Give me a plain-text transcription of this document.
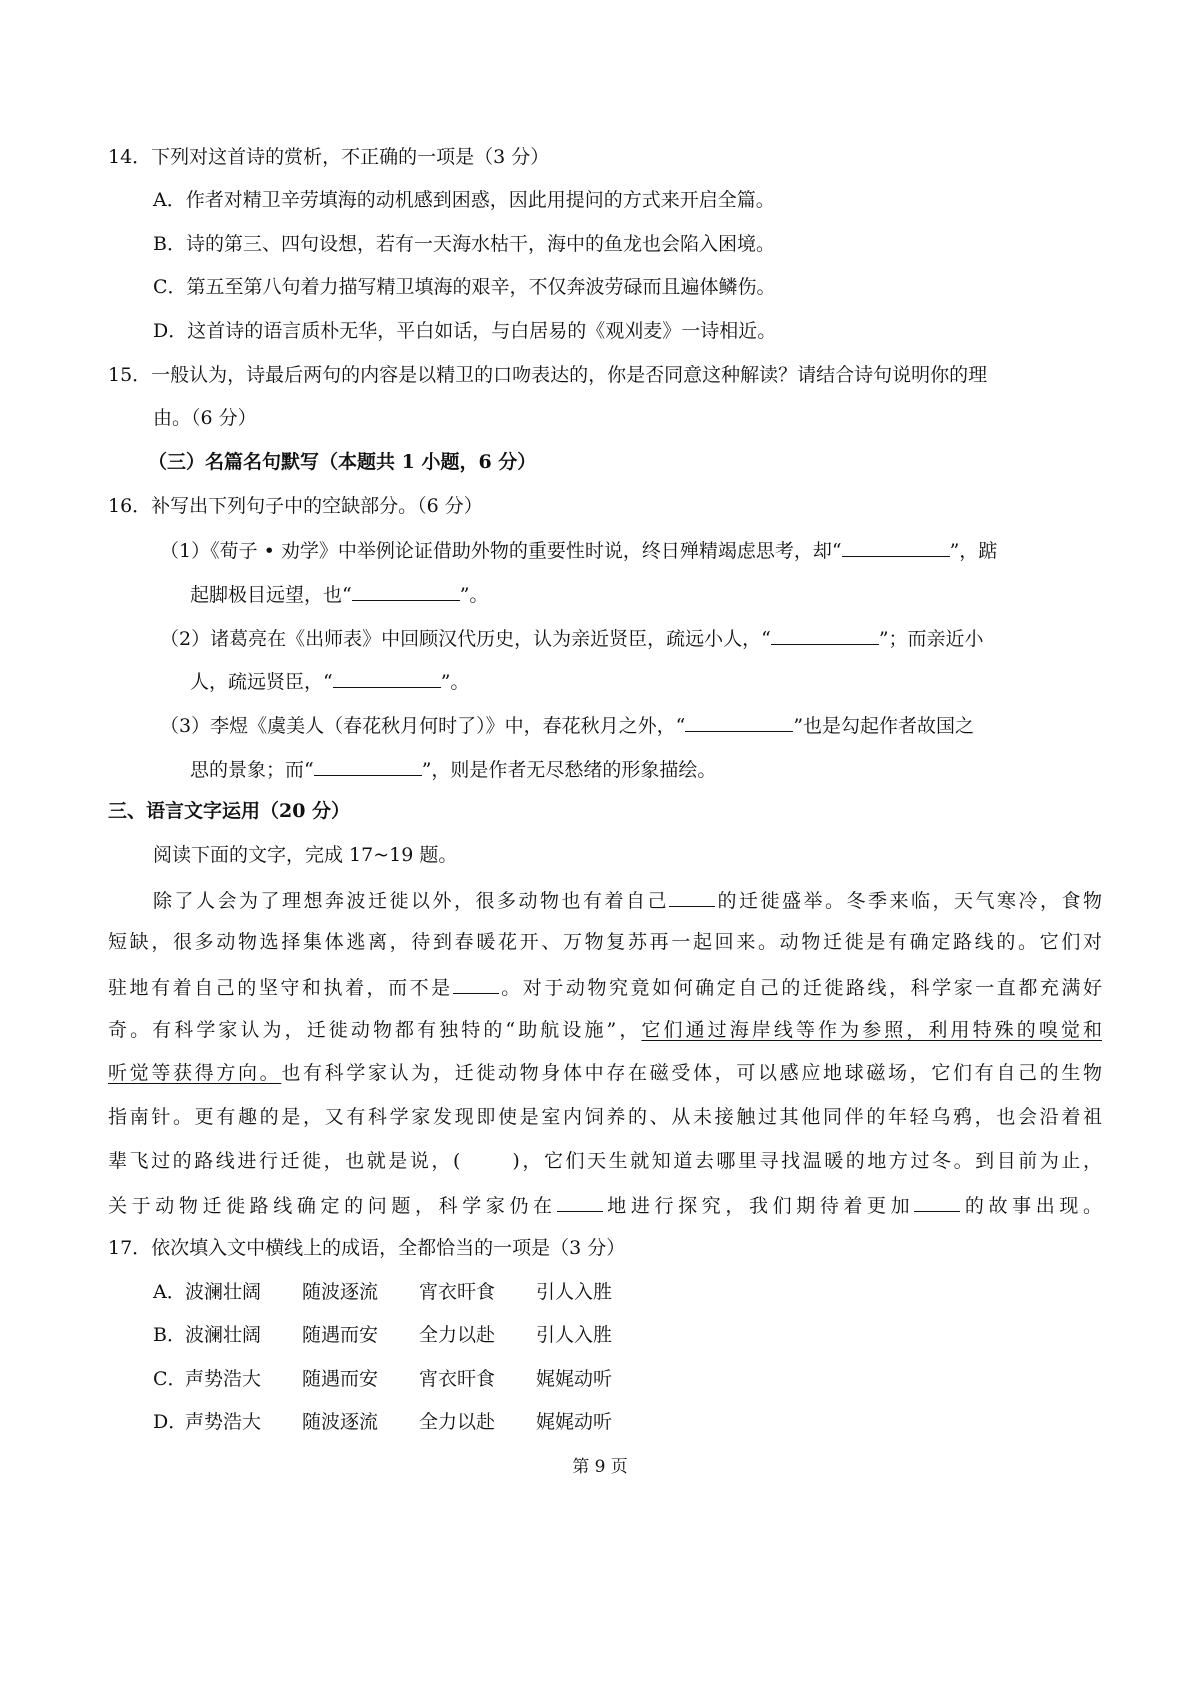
14．下列对这首诗的赏析，不正确的一项是（3 分）
A．作者对精卫辛劳填海的动机感到困惑，因此用提问的方式来开启全篇。
B．诗的第三、四句设想，若有一天海水枯干，海中的鱼龙也会陷入困境。
C．第五至第八句着力描写精卫填海的艰辛，不仅奔波劳碌而且遍体鳞伤。
D．这首诗的语言质朴无华，平白如话，与白居易的《观刈麦》一诗相近。
15．一般认为，诗最后两句的内容是以精卫的口吻表达的，你是否同意这种解读？请结合诗句说明你的理
由。（6 分）
（三）名篇名句默写（本题共 1 小题，6 分）
16．补写出下列句子中的空缺部分。（6 分）
（1）《荀子 • 劝学》中举例论证借助外物的重要性时说，终日殚精竭虑思考，却“	”，踮
起脚极目远望，也“	”。
（2）诸葛亮在《出师表》中回顾汉代历史，认为亲近贤臣，疏远小人，“	”；而亲近小
人，疏远贤臣，“	”。
（3）李煜《虞美人（春花秋月何时了）》中，春花秋月之外，“	”也是勾起作者故国之
思的景象；而“	”，则是作者无尽愁绪的形象描绘。
三、语言文字运用（20 分）
阅读下面的文字，完成 17~19 题。
除了人会为了理想奔波迁徙以外，很多动物也有着自己 的迁徙盛举。冬季来临，天气寒冷，食物
短缺，很多动物选择集体逃离，待到春暖花开、万物复苏再一起回来。动物迁徙是有确定路线的。它们对
驻地有着自己的坚守和执着，而不是 。对于动物究竟如何确定自己的迁徙路线，科学家一直都充满好
奇。有科学家认为，迁徙动物都有独特的“助航设施”，它们通过海岸线等作为参照，利用特殊的嗅觉和
听觉等获得方向。也有科学家认为，迁徙动物身体中存在磁受体，可以感应地球磁场，它们有自己的生物
指南针。更有趣的是，又有科学家发现即使是室内饲养的、从未接触过其他同伴的年轻乌鸦，也会沿着祖
辈飞过的路线进行迁徙，也就是说，(	)，它们天生就知道去哪里寻找温暖的地方过冬。到目前为止，
关于动物迁徙路线确定的问题，科学家仍在 地进行探究，我们期待着更加 的故事出现。
17．依次填入文中横线上的成语，全都恰当的一项是（3 分）
A．波澜壮阔 随波逐流 宵衣旰食 引人入胜
B．波澜壮阔 随遇而安 全力以赴 引人入胜
C．声势浩大 随遇而安 宵衣旰食 娓娓动听
D．声势浩大 随波逐流 全力以赴 娓娓动听
第 9 页
